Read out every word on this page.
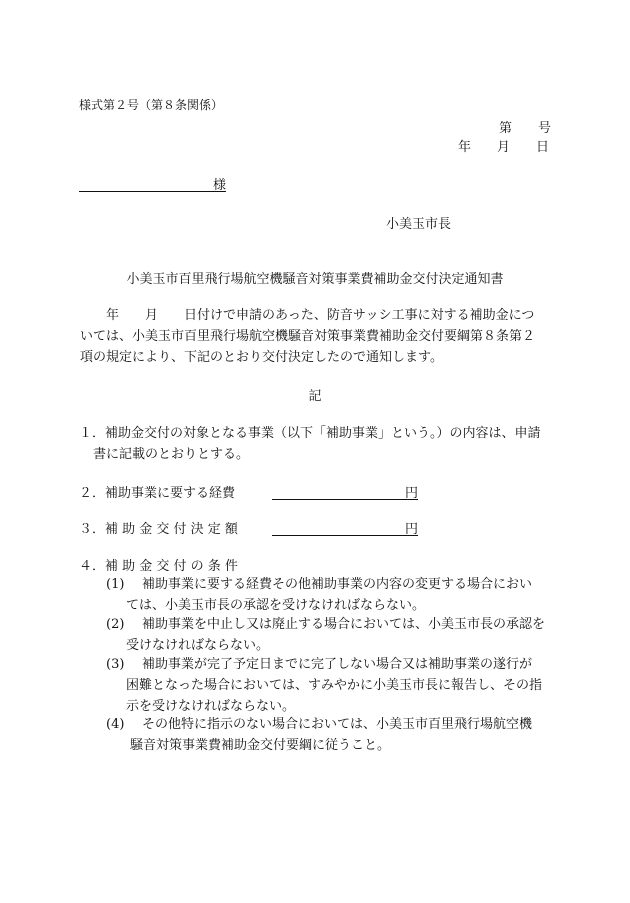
様式第２号（第８条関係）
第　　号
年　　月　　日
様
小美玉市長
小美玉市百里飛行場航空機騒音対策事業費補助金交付決定通知書
　　年　　月　　日付けで申請のあった、防音サッシ工事に対する補助金につ
いては、小美玉市百里飛行場航空機騒音対策事業費補助金交付要綱第８条第２
項の規定により、下記のとおり交付決定したので通知します。
記
１．補助金交付の対象となる事業（以下「補助事業」という。）の内容は、申請
書に記載のとおりとする。
２．補助事業に要する経費	円
３．補 助 金 交 付 決 定 額	円
４．補 助 金 交 付 の 条 件
(1) 補助事業に要する経費その他補助事業の内容の変更する場合におい
ては、小美玉市長の承認を受けなければならない。
(2) 補助事業を中止し又は廃止する場合においては、小美玉市長の承認を
受けなければならない。
(3) 補助事業が完了予定日までに完了しない場合又は補助事業の遂行が
困難となった場合においては、すみやかに小美玉市長に報告し、その指
示を受けなければならない。
(4) その他特に指示のない場合においては、小美玉市百里飛行場航空機
騒音対策事業費補助金交付要綱に従うこと。
